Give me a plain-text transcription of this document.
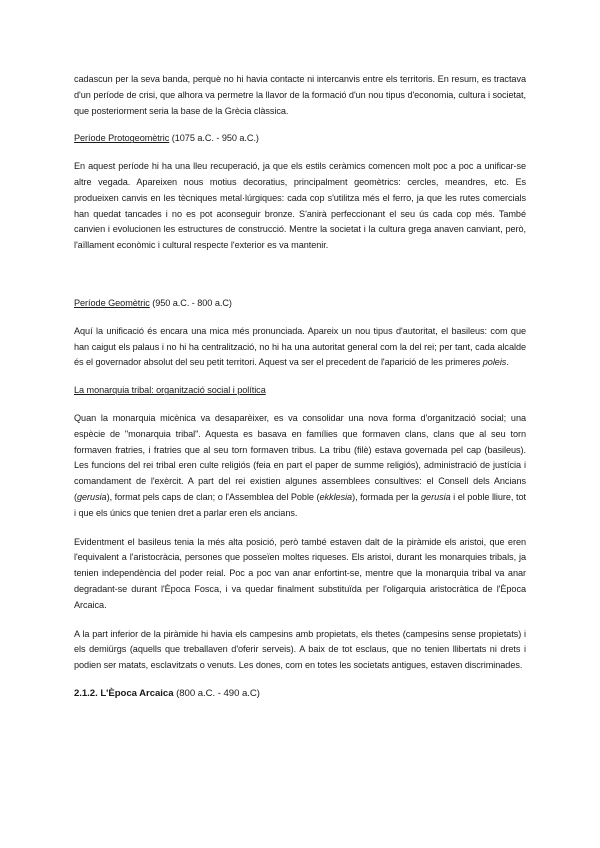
cadascun per la seva banda, perquè no hi havia contacte ni intercanvis entre els territoris. En resum, es tractava d'un període de crisi, que alhora va permetre la llavor de la formació d'un nou tipus d'economia, cultura i societat, que posteriorment seria la base de la Grècia clàssica.

Període Protogeomètric (1075 a.C. - 950 a.C.)

En aquest període hi ha una lleu recuperació, ja que els estils ceràmics comencen molt poc a poc a unificar-se altre vegada. Apareixen nous motius decoratius, principalment geomètrics: cercles, meandres, etc. Es produeixen canvis en les tècniques metal·lúrgiques: cada cop s'utilitza més el ferro, ja que les rutes comercials han quedat tancades i no es pot aconseguir bronze. S'anirà perfeccionant el seu ús cada cop més. També canvien i evolucionen les estructures de construcció. Mentre la societat i la cultura grega anaven canviant, però, l'aïllament econòmic i cultural respecte l'exterior es va mantenir.

Període Geomètric (950 a.C. - 800 a.C)

Aquí la unificació és encara una mica més pronunciada. Apareix un nou tipus d'autoritat, el basileus: com que han caigut els palaus i no hi ha centralització, no hi ha una autoritat general com la del rei; per tant, cada alcalde és el governador absolut del seu petit territori. Aquest va ser el precedent de l'aparició de les primeres poleis.

La monarquia tribal: organització social i política

Quan la monarquia micènica va desaparèixer, es va consolidar una nova forma d'organització social; una espècie de "monarquia tribal". Aquesta es basava en famílies que formaven clans, clans que al seu torn formaven fratries, i fratries que al seu torn formaven tribus. La tribu (filè) estava governada pel cap (basileus). Les funcions del rei tribal eren culte religiós (feia en part el paper de summe religiós), administració de justícia i comandament de l'exèrcit. A part del rei existien algunes assemblees consultives: el Consell dels Ancians (gerusia), format pels caps de clan; o l'Assemblea del Poble (ekklesia), formada per la gerusia i el poble lliure, tot i que els únics que tenien dret a parlar eren els ancians.

Evidentment el basileus tenia la més alta posició, però també estaven dalt de la piràmide els aristoi, que eren l'equivalent a l'aristocràcia, persones que posseïen moltes riqueses. Els aristoi, durant les monarquies tribals, ja tenien independència del poder reial. Poc a poc van anar enfortint-se, mentre que la monarquia tribal va anar degradant-se durant l'Època Fosca, i va quedar finalment substituïda per l'oligarquia aristocràtica de l'Època Arcaica.

A la part inferior de la piràmide hi havia els campesins amb propietats, els thetes (campesins sense propietats) i els demiürgs (aquells que treballaven d'oferir serveis). A baix de tot esclaus, que no tenien llibertats ni drets i podien ser matats, esclavitzats o venuts. Les dones, com en totes les societats antigues, estaven discriminades.

2.1.2. L'Època Arcaica (800 a.C. - 490 a.C)
